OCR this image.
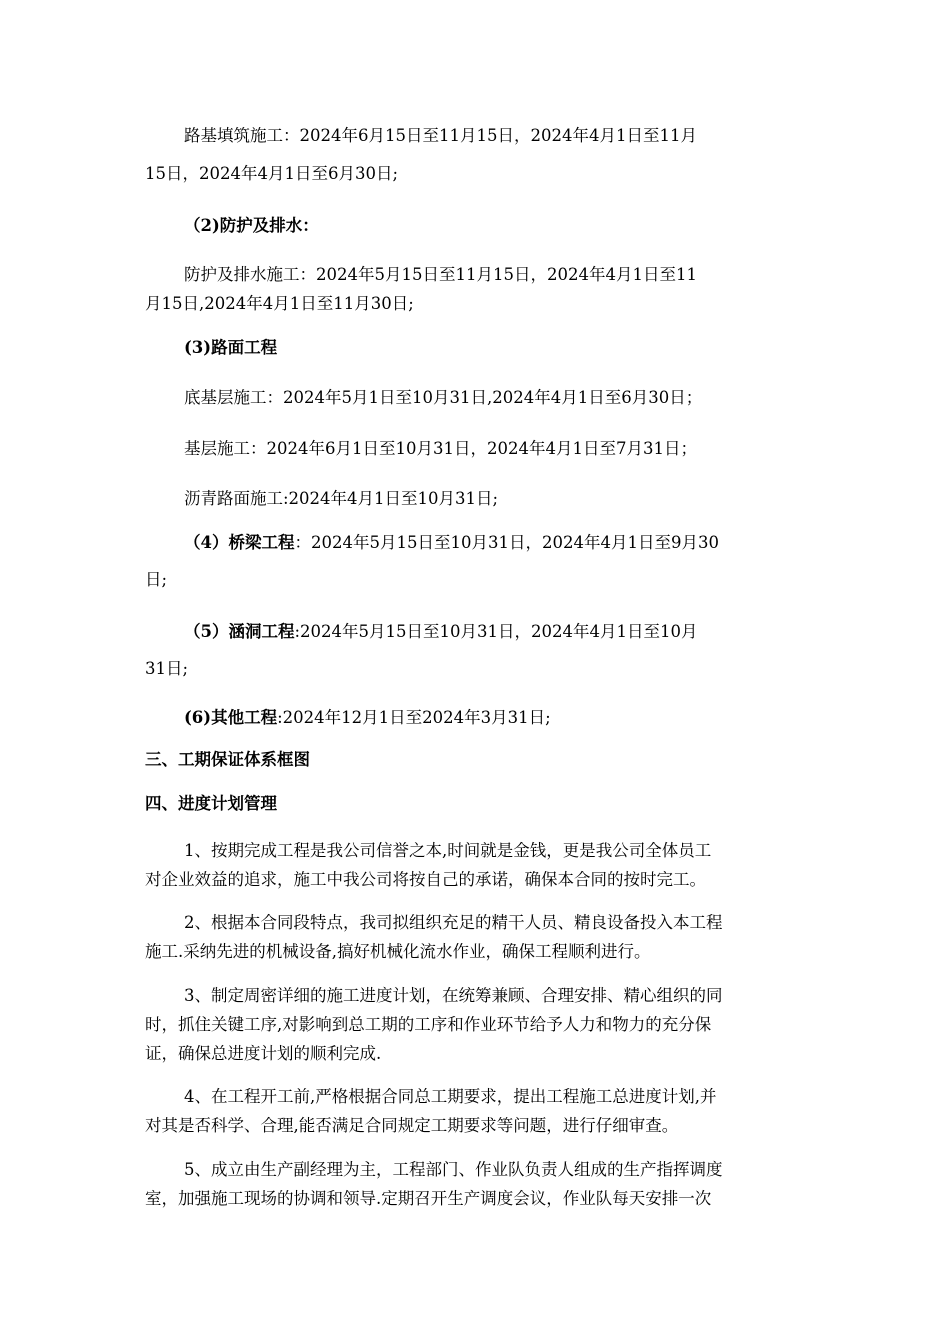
路基填筑施工：2024年6月15日至11月15日，2024年4月1日至11月
15日，2024年4月1日至6月30日;
（2)防护及排水：
防护及排水施工：2024年5月15日至11月15日，2024年4月1日至11
月15日,2024年4月1日至11月30日;
(3)路面工程
底基层施工：2024年5月1日至10月31日,2024年4月1日至6月30日；
基层施工：2024年6月1日至10月31日，2024年4月1日至7月31日；
沥青路面施工:2024年4月1日至10月31日;
（4）桥梁工程：2024年5月15日至10月31日，2024年4月1日至9月30
日;
（5）涵洞工程:2024年5月15日至10月31日，2024年4月1日至10月
31日;
(6)其他工程:2024年12月1日至2024年3月31日;
三、工期保证体系框图
四、进度计划管理
1、按期完成工程是我公司信誉之本,时间就是金钱，更是我公司全体员工
对企业效益的追求，施工中我公司将按自己的承诺，确保本合同的按时完工。
2、根据本合同段特点，我司拟组织充足的精干人员、精良设备投入本工程
施工.采纳先进的机械设备,搞好机械化流水作业，确保工程顺利进行。
3、制定周密详细的施工进度计划，在统筹兼顾、合理安排、精心组织的同
时，抓住关键工序,对影响到总工期的工序和作业环节给予人力和物力的充分保
证，确保总进度计划的顺利完成.
4、在工程开工前,严格根据合同总工期要求，提出工程施工总进度计划,并
对其是否科学、合理,能否满足合同规定工期要求等问题，进行仔细审查。
5、成立由生产副经理为主，工程部门、作业队负责人组成的生产指挥调度
室，加强施工现场的协调和领导.定期召开生产调度会议，作业队每天安排一次
